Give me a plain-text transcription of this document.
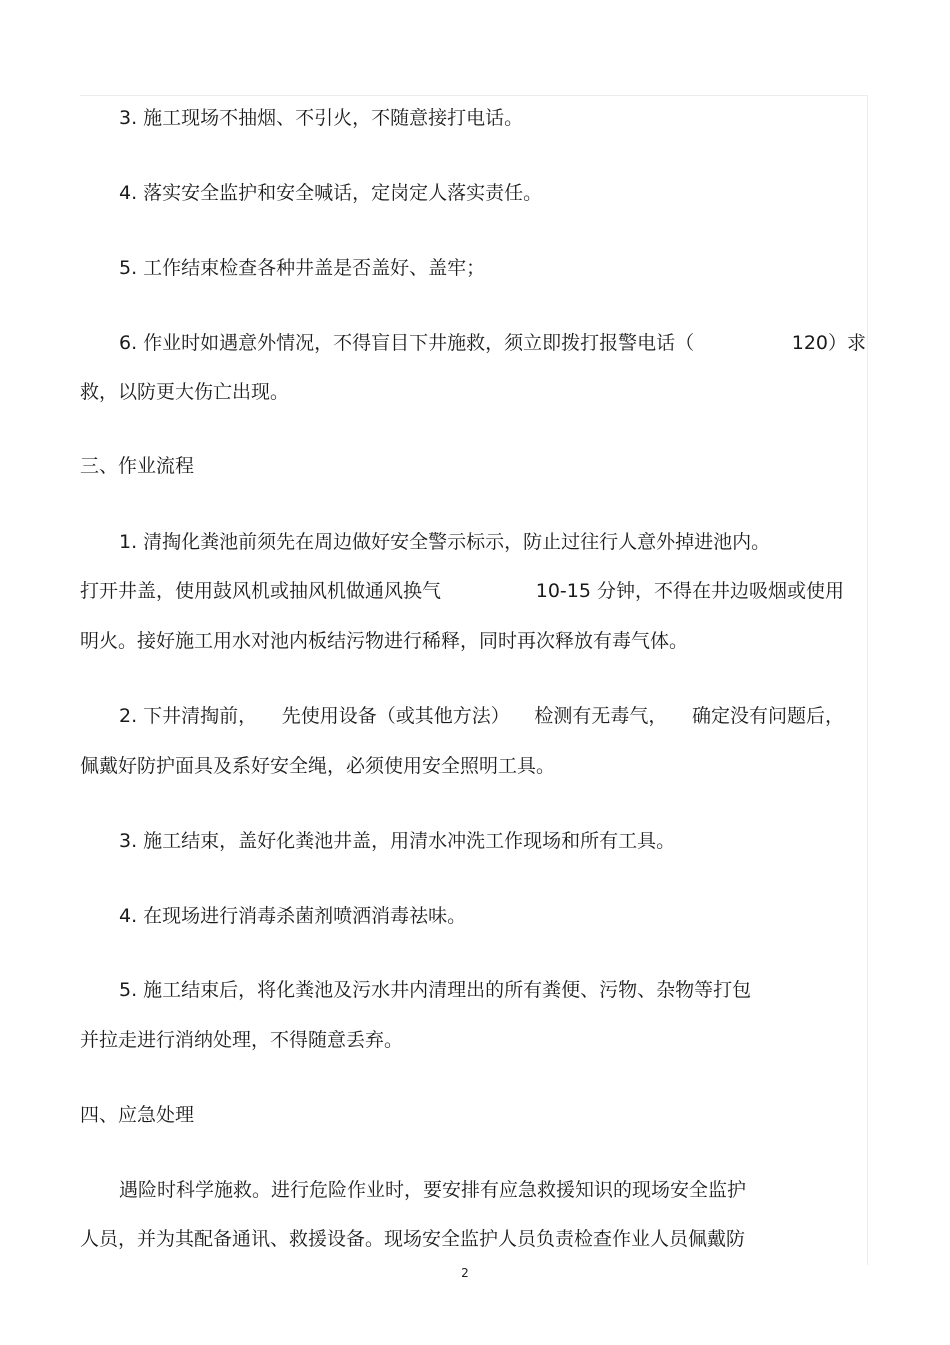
3. 施工现场不抽烟、不引火，不随意接打电话。
4. 落实安全监护和安全喊话，定岗定人落实责任。
5. 工作结束检查各种井盖是否盖好、盖牢；
6. 作业时如遇意外情况，不得盲目下井施救，须立即拨打报警电话（	120）求
救，以防更大伤亡出现。
三、作业流程
1. 清掏化粪池前须先在周边做好安全警示标示，防止过往行人意外掉进池内。
打开井盖，使用鼓风机或抽风机做通风换气	10-15 分钟，不得在井边吸烟或使用
明火。接好施工用水对池内板结污物进行稀释，同时再次释放有毒气体。
2. 下井清掏前， 先使用设备（或其他方法） 检测有无毒气， 确定没有问题后，
佩戴好防护面具及系好安全绳，必须使用安全照明工具。
3. 施工结束，盖好化粪池井盖，用清水冲洗工作现场和所有工具。
4. 在现场进行消毒杀菌剂喷洒消毒祛味。
5. 施工结束后，将化粪池及污水井内清理出的所有粪便、污物、杂物等打包
并拉走进行消纳处理，不得随意丢弃。
四、应急处理
遇险时科学施救。进行危险作业时，要安排有应急救援知识的现场安全监护
人员，并为其配备通讯、救援设备。现场安全监护人员负责检查作业人员佩戴防
2
